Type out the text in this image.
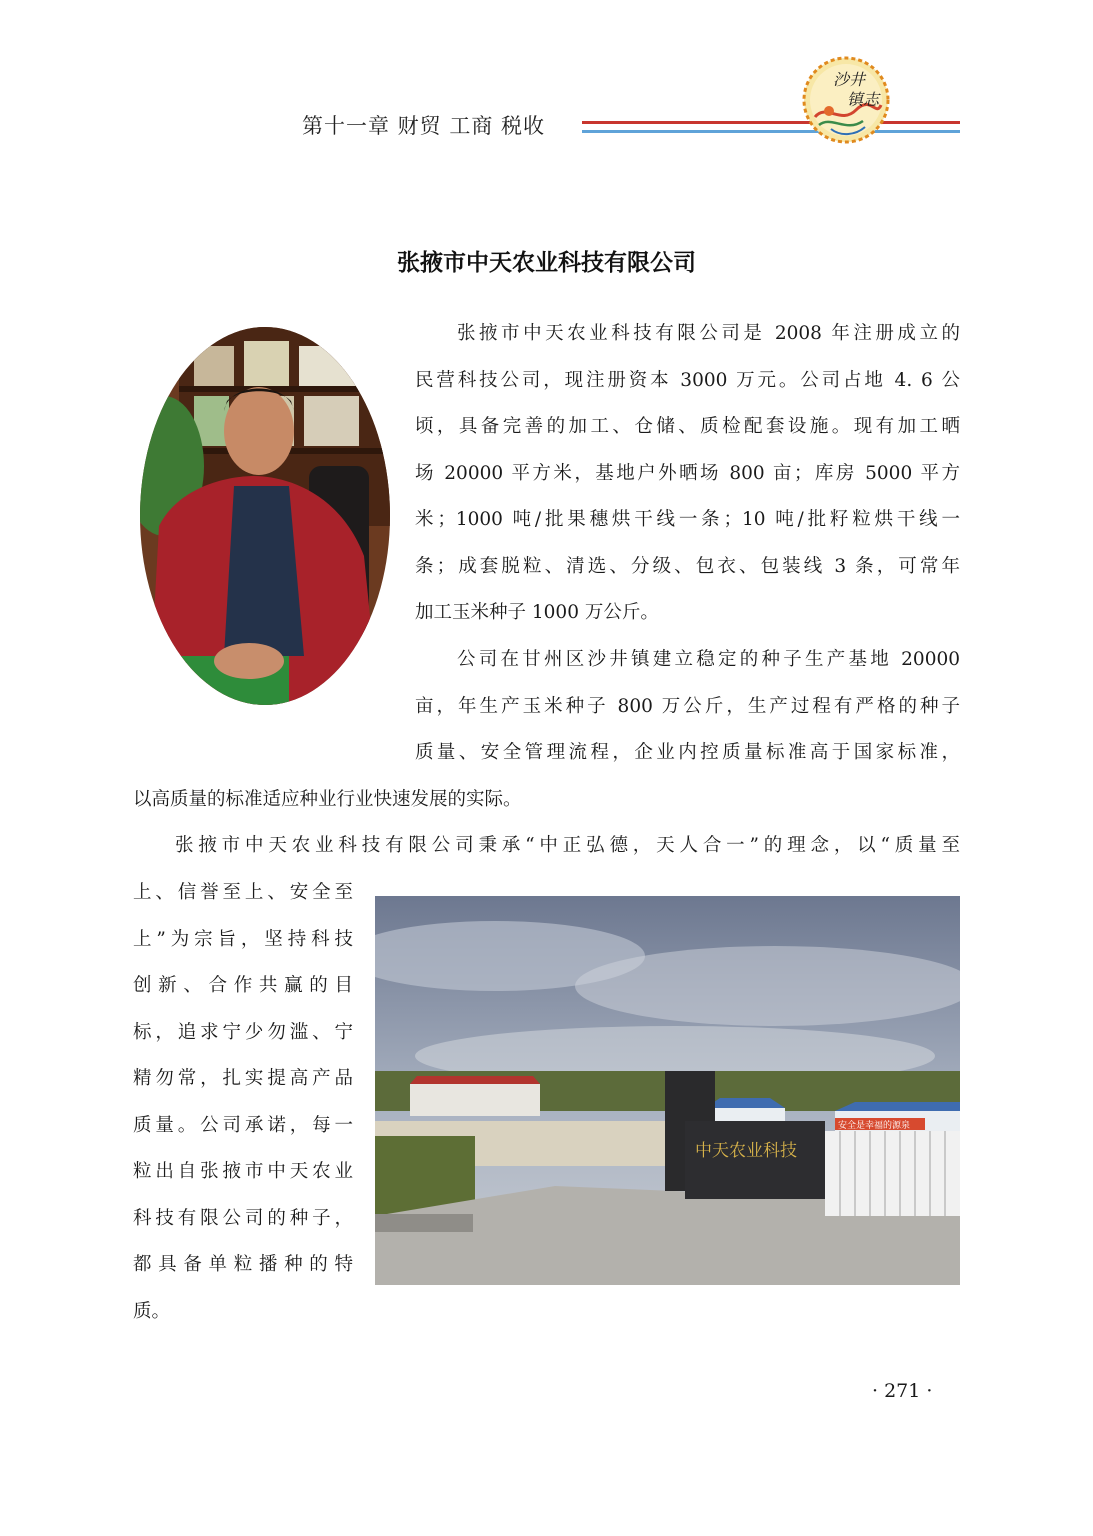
第十一章 财贸 工商 税收
沙井
镇志
张掖市中天农业科技有限公司
张掖市中天农业科技有限公司是 2008 年注册成立的
民营科技公司，现注册资本 3000 万元。公司占地 4. 6 公
顷，具备完善的加工、仓储、质检配套设施。现有加工晒
场 20000 平方米，基地户外晒场 800 亩；库房 5000 平方
米；1000 吨/批果穗烘干线一条；10 吨/批籽粒烘干线一
条；成套脱粒、清选、分级、包衣、包装线 3 条，可常年
加工玉米种子 1000 万公斤。
公司在甘州区沙井镇建立稳定的种子生产基地 20000
亩，年生产玉米种子 800 万公斤，生产过程有严格的种子
质量、安全管理流程，企业内控质量标准高于国家标准，
以高质量的标准适应种业行业快速发展的实际。
张掖市中天农业科技有限公司秉承“中正弘德，天人合一”的理念，以“质量至
上、信誉至上、安全至
上”为宗旨，坚持科技
创新、合作共赢的目
标，追求宁少勿滥、宁
精勿常，扎实提高产品
质量。公司承诺，每一
粒出自张掖市中天农业
科技有限公司的种子，
都具备单粒播种的特
质。
中天农业科技
安全是幸福的源泉
· 271 ·
